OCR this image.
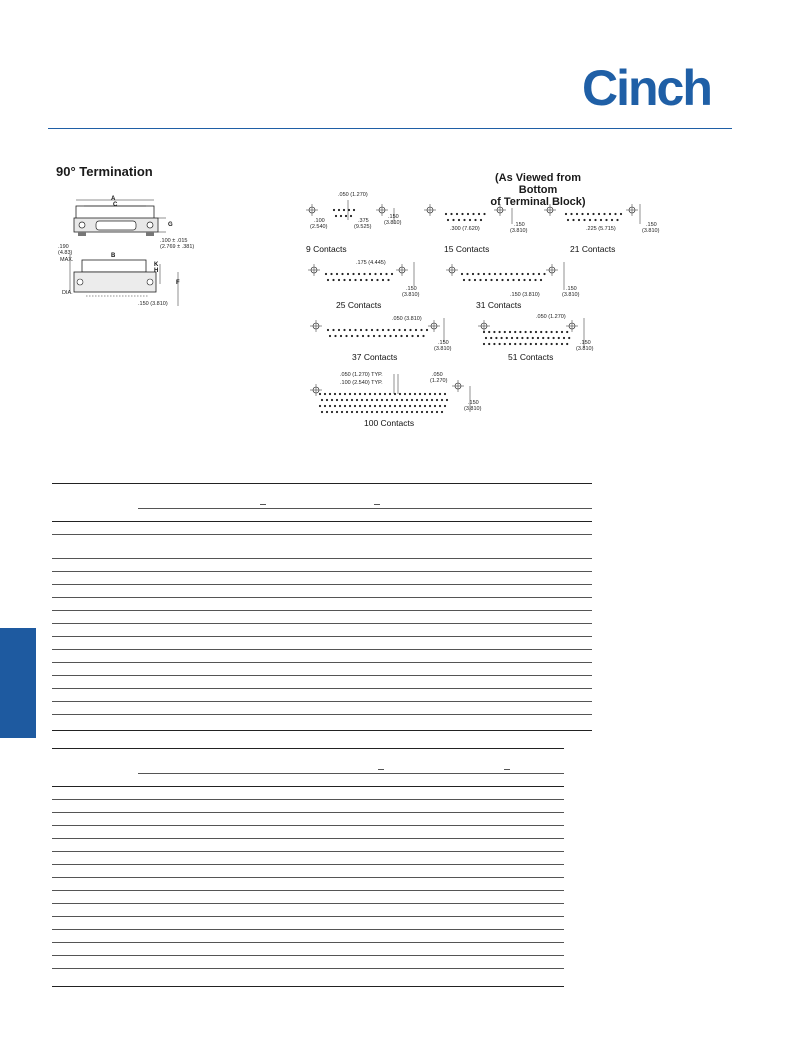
Cinch
90° Termination
A
C
G
.100 ± .015
(2.769 ± .381)
.190
(4.83)
MAX.
B
K
H
F
DIA.
.150 (3.810)
(As Viewed from Bottom
of Terminal Block)
.050 (1.270)
.100
(2.540)
.375
(9.525)
.150
(3.810)
9 Contacts
.300 (7.620)
.150
(3.810)
15 Contacts
.225 (5.715)
.150
(3.810)
21 Contacts
.175 (4.445)
.150
(3.810)
25 Contacts
.150 (3.810)
.150
(3.810)
31 Contacts
.050 (3.810)
.150
(3.810)
37 Contacts
.050 (1.270)
.150
(3.810)
51 Contacts
.050 (1.270) TYP.
.100 (2.540) TYP.
.050
(1.270)
.150
(3.810)
100 Contacts
